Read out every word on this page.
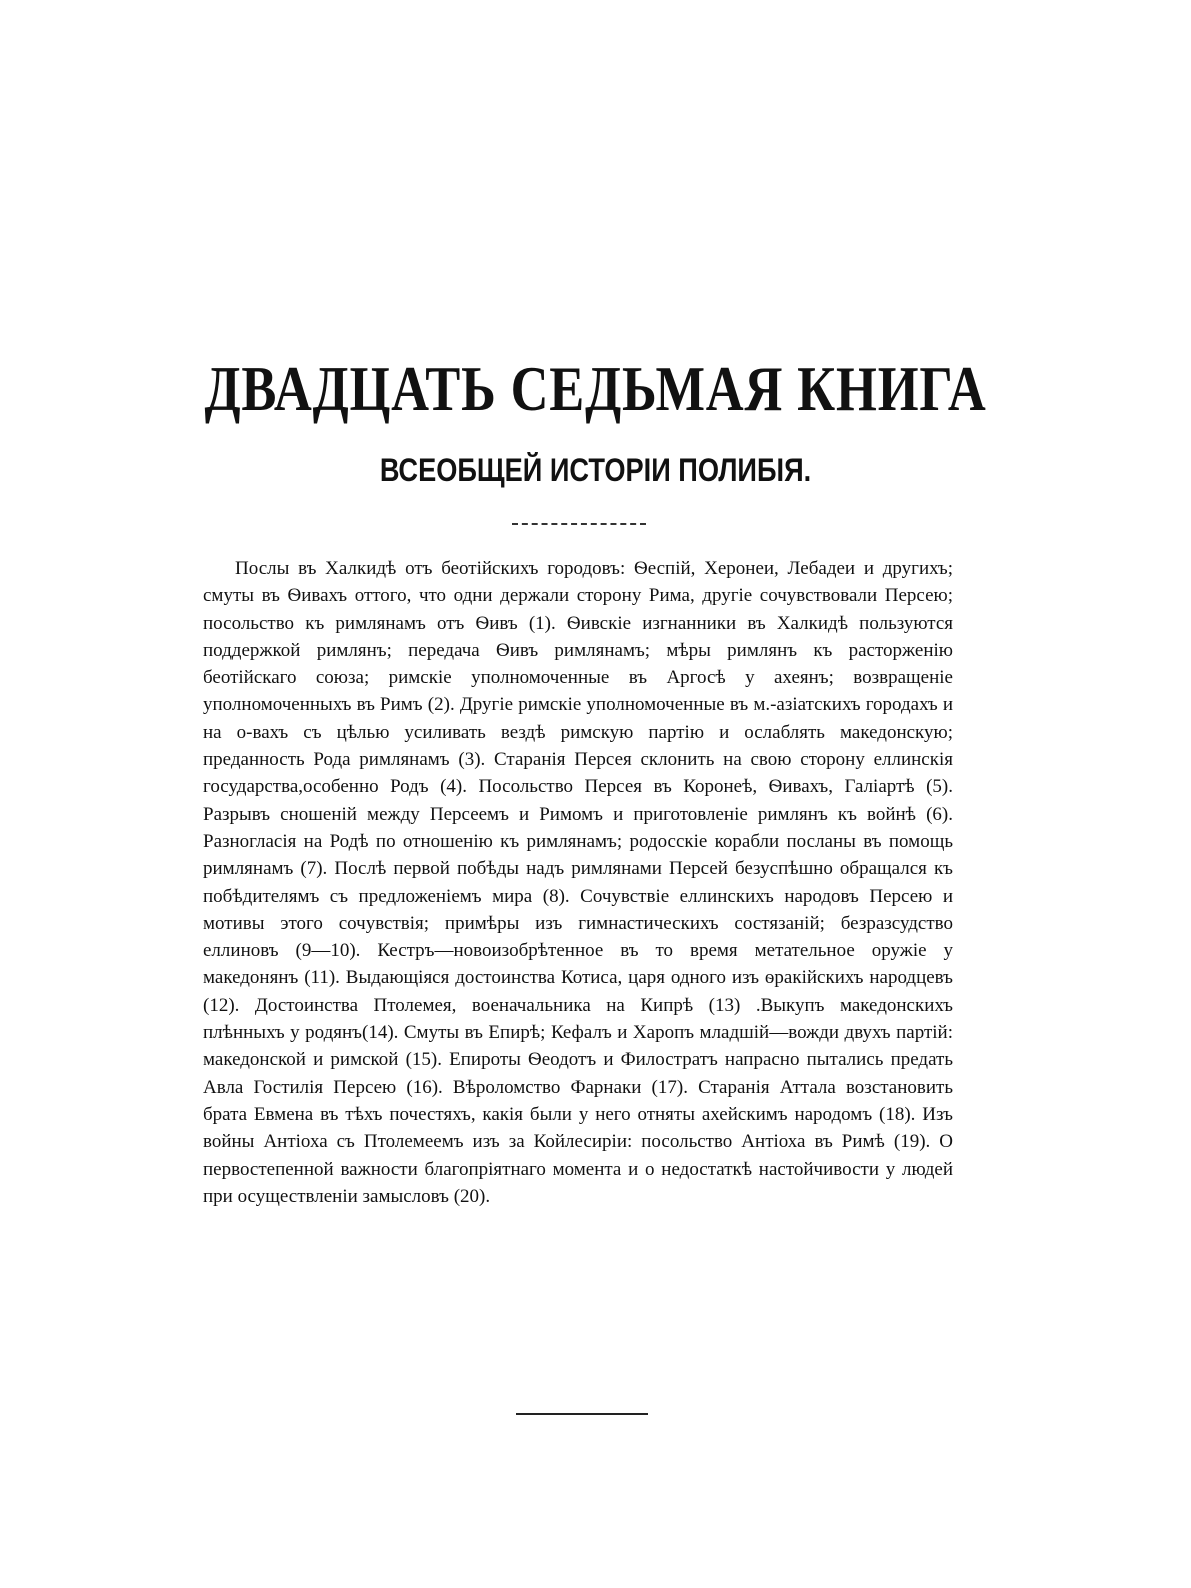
ДВАДЦАТЬ СЕДЬМАЯ КНИГА
ВСЕОБЩЕЙ ИСТОРІИ ПОЛИБІЯ.

Послы въ Халкидѣ отъ беотійскихъ городовъ: Ѳеспій, Херонеи, Лебадеи и другихъ; смуты въ Ѳивахъ оттого, что одни держали сторону Рима, другіе сочувствовали Персею; посольство къ римлянамъ отъ Ѳивъ (1). Ѳивскіе изгнанники въ Халкидѣ пользуются поддержкой римлянъ; передача Ѳивъ римлянамъ; мѣры римлянъ къ расторженію беотійскаго союза; римскіе уполномоченные въ Аргосѣ у ахеянъ; возвращеніе уполномоченныхъ въ Римъ (2). Другіе римскіе уполномоченные въ м.-азіатскихъ городахъ и на о-вахъ съ цѣлью усиливать вездѣ римскую партію и ослаблять македонскую; преданность Рода римлянамъ (3). Старанія Персея склонить на свою сторону еллинскія государства,особенно Родъ (4). Посольство Персея въ Коронеѣ, Ѳивахъ, Галіартѣ (5). Разрывъ сношеній между Персеемъ и Римомъ и приготовленіе римлянъ къ войнѣ (6). Разногласія на Родѣ по отношенію къ римлянамъ; родосскіе корабли посланы въ помощь римлянамъ (7). Послѣ первой побѣды надъ римлянами Персей безуспѣшно обращался къ побѣдителямъ съ предложеніемъ мира (8). Сочувствіе еллинскихъ народовъ Персею и мотивы этого сочувствія; примѣры изъ гимнастическихъ состязаній; безразсудство еллиновъ (9—10). Кестръ—новоизобрѣтенное въ то время метательное оружіе у македонянъ (11). Выдающіяся достоинства Котиса, царя одного изъ ѳракійскихъ народцевъ (12). Достоинства Птолемея, военачальника на Кипрѣ (13) .Выкупъ македонскихъ плѣнныхъ у родянъ(14). Смуты въ Епирѣ; Кефалъ и Харопъ младшій—вожди двухъ партій: македонской и римской (15). Епироты Ѳеодотъ и Филостратъ напрасно пытались предать Авла Гостилія Персею (16). Вѣроломство Фарнаки (17). Старанія Аттала возстановить брата Евмена въ тѣхъ почестяхъ, какія были у него отняты ахейскимъ народомъ (18). Изъ войны Антіоха съ Птолемеемъ изъ за Койлесиріи: посольство Антіоха въ Римѣ (19). О первостепенной важности благопріятнаго момента и о недостаткѣ настойчивости у людей при осуществленіи замысловъ (20).
